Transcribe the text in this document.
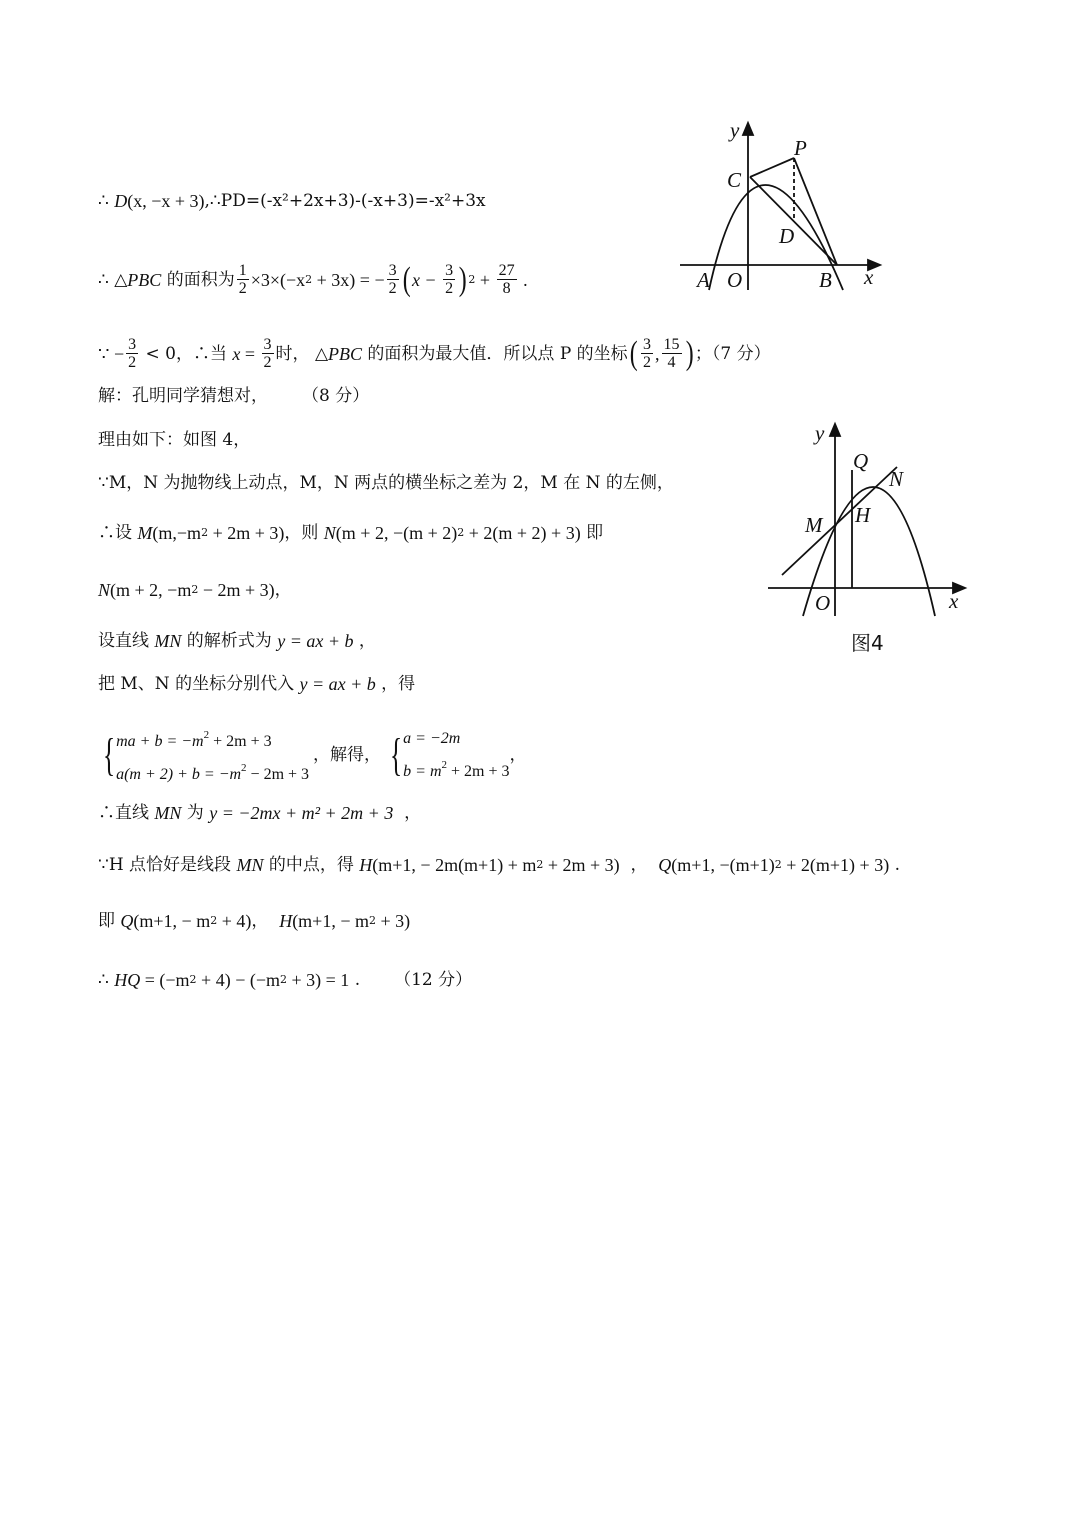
∴ D (x, −x + 3) ,∴PD=(-x²+2x+3)-(-x+3)=-x²+3x
∴ △ PBC 的面积为 $\frac{1}{2} \times 3\times(-x$ 2 + 3x) = − $\frac{3}{2}$ ( $x - \frac{3}{2}$ ) $2 + \frac{27}{8}$ .
∵ − $\frac{3}{2} < 0$，∴当 $x = \frac{3}{2}$ 时， △ PBC 的面积为最大值．所以点 P 的坐标 ( $\frac{3}{2}$ , $\frac{15}{4}$ ) ；（7 分）
解：孔明同学猜想对， （8 分）
理由如下：如图 4，
∵M，N 为抛物线上动点，M，N 两点的横坐标之差为 2，M 在 N 的左侧，
∴设 M (m,−m 2 + 2m + 3) ，则 N (m + 2, −(m + 2) 2 + 2(m + 2) + 3) 即
N (m + 2, −m 2 − 2m + 3) ，
设直线 MN 的解析式为 y = ax + b ，
把 M、N 的坐标分别代入 y = ax + b ，得
{ ma + $b = -m^2 + 2m + 3$
$a(m + 2) + b = -m^2 - 2m + 3$
，解得， { a = −2m
$b = m^2 + 2m + 3$
，
∴直线 MN 为 y = −2mx + m² + 2m + 3 ，
∵H 点恰好是线段 MN 的中点，得 H (m+1, − 2m(m+1) + m 2 + 2m + 3) ， Q (m+1, −(m+1) 2 + 2(m+1) + 3) .
即 Q (m+1, − m 2 + 4) ， H (m+1, − m 2 + 3)
∴ HQ = (−m 2 + 4) − (−m 2 + 3) = 1 . （12 分）
y
P
C
D
A O	B x
y
Q
N
M H
O	x
图4
